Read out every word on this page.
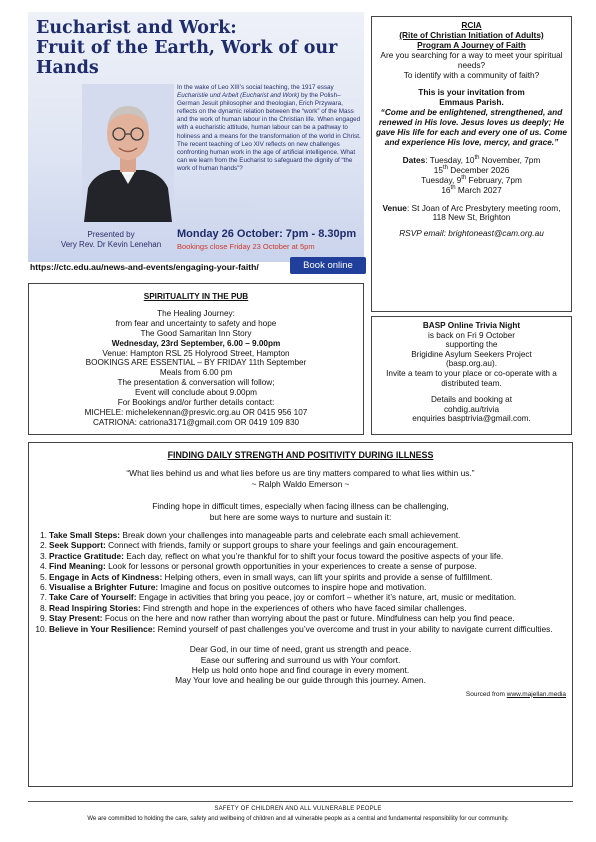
Eucharist and Work:
Fruit of the Earth, Work of our Hands
In the wake of Leo XIII’s social teaching, the 1917 essay Eucharistie und Arbeit (Eucharist and Work) by the Polish–German Jesuit philosopher and theologian, Erich Przywara, reflects on the dynamic relation between the “work” of the Mass and the work of human labour in the Christian life. When engaged with a eucharistic attitude, human labour can be a pathway to holiness and a means for the transformation of the world in Christ. The recent teaching of Leo XIV reflects on new challenges confronting human work in the age of artificial intelligence. What can we learn from the Eucharist to safeguard the dignity of “the work of human hands”?
Presented by
Very Rev. Dr Kevin Lenehan
Monday 26 October: 7pm - 8.30pm
Bookings close Friday 23 October at 5pm
Book online
https://ctc.edu.au/news-and-events/engaging-your-faith/

RCIA

(Rite of Christian Initiation of Adults)

Program A Journey of Faith

Are you searching for a way to meet your spiritual needs?

To identify with a community of faith?

This is your invitation from

Emmaus Parish.

“Come and be enlightened, strengthened, and renewed in His love. Jesus loves us deeply; He gave His life for each and every one of us. Come and experience His love, mercy, and grace.”

Dates: Tuesday, 10th November, 7pm

15th December 2026

Tuesday, 9th February, 7pm

16th March 2027

Venue: St Joan of Arc Presbytery meeting room,

118 New St, Brighton

RSVP email: brightoneast@cam.org.au

SPIRITUALITY IN THE PUB
The Healing Journey:
from fear and uncertainty to safety and hope
The Good Samaritan Inn Story
Wednesday, 23rd September, 6.00 – 9.00pm
Venue: Hampton RSL 25 Holyrood Street, Hampton
BOOKINGS ARE ESSENTIAL – BY FRIDAY 11th September
Meals from 6.00 pm
The presentation & conversation will follow;
Event will conclude about 9.00pm
For Bookings and/or further details contact:
MICHELE: michelekennan@presvic.org.au OR 0415 956 107
CATRIONA: catriona3171@gmail.com OR 0419 109 830
BASP Online Trivia Night
is back on Fri 9 October
supporting the
Brigidine Asylum Seekers Project
(basp.org.au).
Invite a team to your place or co-operate with a distributed team.
Details and booking at
cohdig.au/trivia
enquiries basptrivia@gmail.com.
FINDING DAILY STRENGTH AND POSITIVITY DURING ILLNESS
“What lies behind us and what lies before us are tiny matters compared to what lies within us.”
~ Ralph Waldo Emerson ~
Finding hope in difficult times, especially when facing illness can be challenging,
but here are some ways to nurture and sustain it:
1. Take Small Steps: Break down your challenges into manageable parts and celebrate each small achievement.
2. Seek Support: Connect with friends, family or support groups to share your feelings and gain encouragement.
3. Practice Gratitude: Each day, reflect on what you’re thankful for to shift your focus toward the positive aspects of your life.
4. Find Meaning: Look for lessons or personal growth opportunities in your experiences to create a sense of purpose.
5. Engage in Acts of Kindness: Helping others, even in small ways, can lift your spirits and provide a sense of fulfillment.
6. Visualise a Brighter Future: Imagine and focus on positive outcomes to inspire hope and motivation.
7. Take Care of Yourself: Engage in activities that bring you peace, joy or comfort – whether it’s nature, art, music or meditation.
8. Read Inspiring Stories: Find strength and hope in the experiences of others who have faced similar challenges.
9. Stay Present: Focus on the here and now rather than worrying about the past or future. Mindfulness can help you find peace.
10. Believe in Your Resilience: Remind yourself of past challenges you’ve overcome and trust in your ability to navigate current difficulties.
Dear God, in our time of need, grant us strength and peace.
Ease our suffering and surround us with Your comfort.
Help us hold onto hope and find courage in every moment.
May Your love and healing be our guide through this journey. Amen.
Sourced from www.majellan.media
SAFETY OF CHILDREN AND ALL VULNERABLE PEOPLE
We are committed to holding the care, safety and wellbeing of children and all vulnerable people as a central and fundamental responsibility for our community.
